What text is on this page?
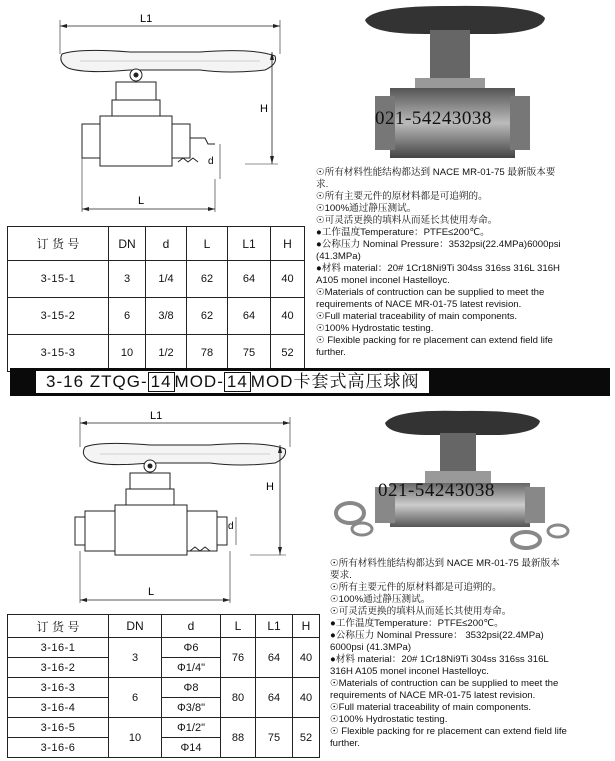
L1
H
d
L
021-54243038
订 货 号	DN	d	L	L1	H
3-15-1	3	1/4	62	64	40
3-15-2	6	3/8	62	64	40
3-15-3	10	1/2	78	75	52
☉所有材料性能结构都达到 NACE MR-01-75 最新版本要
求.
☉所有主要元件的原材料都是可追朔的。
☉100%通过静压测试。
☉可灵活更换的填料从而延长其使用寿命。
●工作温度Temperature：PTFE≤200℃。
●公称压力 Nominal Pressure：3532psi(22.4MPa)6000psi
(41.3MPa)
●材料 material：20# 1Cr18Ni9Ti 304ss 316ss 316L 316H
A105 monel inconel Hastelloyc.
☉Materials of contruction can be supplied to meet the
requirements of NACE MR-01-75 latest revision.
☉Full material traceability of main components.
☉100% Hydrostatic testing.
☉ Flexible packing for re placement can extend field life
further.
3-16 ZTQG- 14 MOD- 14 MOD卡套式高压球阀
L1
H
d
L
021-54243038
订 货 号	DN	d	L	L1	H
3-16-1	3	Φ6	76	64	40
3-16-2		Φ1/4"			
3-16-3	6	Φ8	80	64	40
3-16-4		Φ3/8"			
3-16-5	10	Φ1/2"	88	75	52
3-16-6		Φ14			
☉所有材料性能结构都达到 NACE MR-01-75 最新版本
要求.
☉所有主要元件的原材料都是可追朔的。
☉100%通过静压测试。
☉可灵活更换的填料从而延长其使用寿命。
●工作温度Temperature：PTFE≤200℃。
●公称压力 Nominal Pressure： 3532psi(22.4MPa)
6000psi (41.3MPa)
●材料 material：20# 1Cr18Ni9Ti 304ss 316ss 316L
316H A105 monel inconel Hastelloyc.
☉Materials of contruction can be supplied to meet the
requirements of NACE MR-01-75 latest revision.
☉Full material traceability of main components.
☉100% Hydrostatic testing.
☉ Flexible packing for re placement can extend field life
further.
